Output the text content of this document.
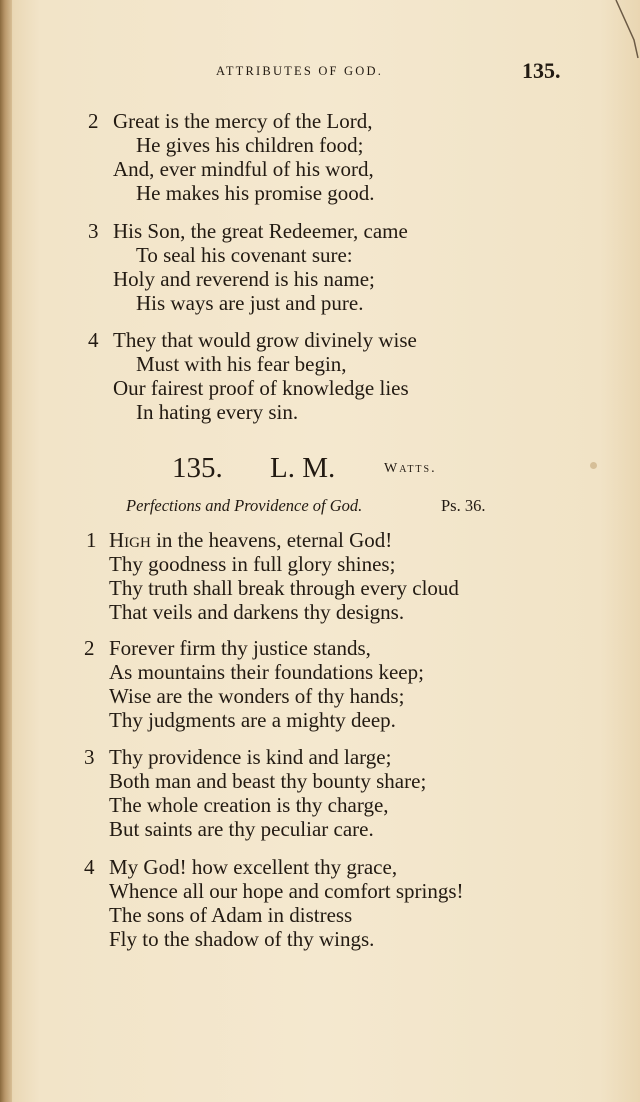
ATTRIBUTES OF GOD.	135.
2 Great is the mercy of the Lord,
He gives his children food;
And, ever mindful of his word,
He makes his promise good.
3 His Son, the great Redeemer, came
To seal his covenant sure:
Holy and reverend is his name;
His ways are just and pure.
4 They that would grow divinely wise
Must with his fear begin,
Our fairest proof of knowledge lies
In hating every sin.
135. L. M.	Watts.
Perfections and Providence of God.	Ps. 36.
1 High in the heavens, eternal God!
Thy goodness in full glory shines;
Thy truth shall break through every cloud
That veils and darkens thy designs.
2 Forever firm thy justice stands,
As mountains their foundations keep;
Wise are the wonders of thy hands;
Thy judgments are a mighty deep.
3 Thy providence is kind and large;
Both man and beast thy bounty share;
The whole creation is thy charge,
But saints are thy peculiar care.
4 My God! how excellent thy grace,
Whence all our hope and comfort springs!
The sons of Adam in distress
Fly to the shadow of thy wings.
